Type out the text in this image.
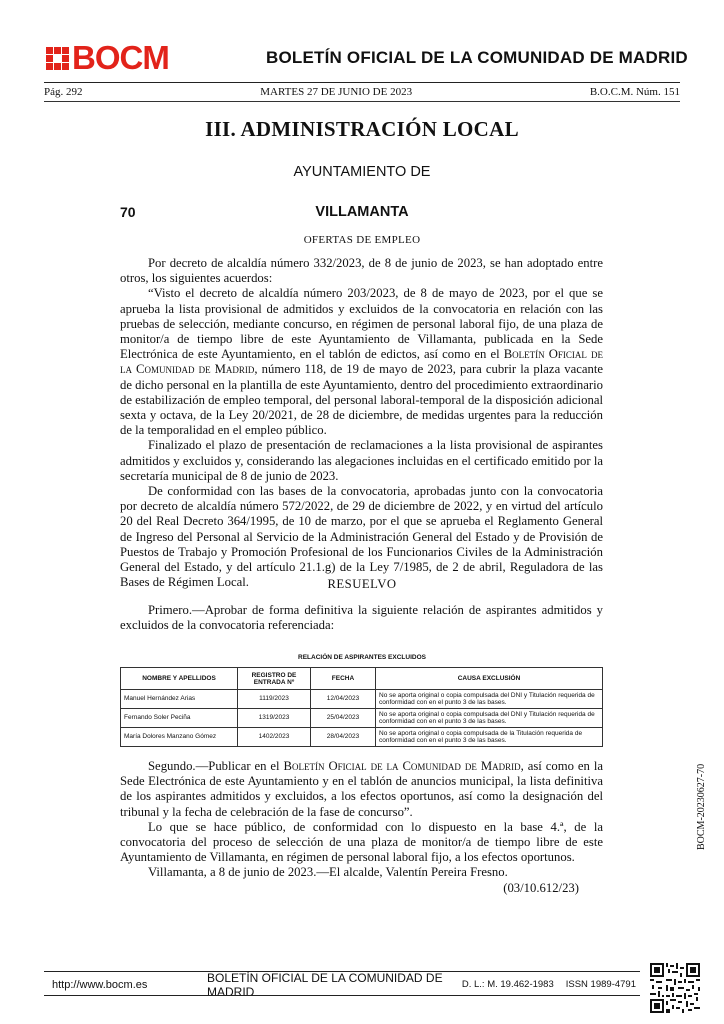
BOCM	BOLETÍN OFICIAL DE LA COMUNIDAD DE MADRID
Pág. 292	MARTES 27 DE JUNIO DE 2023	B.O.C.M. Núm. 151
III. ADMINISTRACIÓN LOCAL
AYUNTAMIENTO DE
70	VILLAMANTA
OFERTAS DE EMPLEO

Por decreto de alcaldía número 332/2023, de 8 de junio de 2023, se han adoptado entre otros, los siguientes acuerdos:

“Visto el decreto de alcaldía número 203/2023, de 8 de mayo de 2023, por el que se aprueba la lista provisional de admitidos y excluidos de la convocatoria en relación con las pruebas de selección, mediante concurso, en régimen de personal laboral fijo, de una plaza de monitor/a de tiempo libre de este Ayuntamiento de Villamanta, publicada en la Sede Electrónica de este Ayuntamiento, en el tablón de edictos, así como en el Boletín Oficial de la Comunidad de Madrid, número 118, de 19 de mayo de 2023, para cubrir la plaza vacante de dicho personal en la plantilla de este Ayuntamiento, dentro del procedimiento extraordinario de estabilización de empleo temporal, del personal laboral-temporal de la disposición adicional sexta y octava, de la Ley 20/2021, de 28 de diciembre, de medidas urgentes para la reducción de la temporalidad en el empleo público.

Finalizado el plazo de presentación de reclamaciones a la lista provisional de aspirantes admitidos y excluidos y, considerando las alegaciones incluidas en el certificado emitido por la secretaría municipal de 8 de junio de 2023.

De conformidad con las bases de la convocatoria, aprobadas junto con la convocatoria por decreto de alcaldía número 572/2022, de 29 de diciembre de 2022, y en virtud del artículo 20 del Real Decreto 364/1995, de 10 de marzo, por el que se aprueba el Reglamento General de Ingreso del Personal al Servicio de la Administración General del Estado y de Provisión de Puestos de Trabajo y Promoción Profesional de los Funcionarios Civiles de la Administración General del Estado, y del artículo 21.1.g) de la Ley 7/1985, de 2 de abril, Reguladora de las Bases de Régimen Local.	RESUELVO

Primero.—Aprobar de forma definitiva la siguiente relación de aspirantes admitidos y excluidos de la convocatoria referenciada:

RELACIÓN DE ASPIRANTES EXCLUIDOS
NOMBRE Y APELLIDOS	REGISTRO DE ENTRADA Nº	FECHA	CAUSA EXCLUSIÓN
Manuel Hernández Arias	1119/2023	12/04/2023	No se aporta original o copia compulsada del DNI y Titulación requerida de conformidad con en el punto 3 de las bases.
Fernando Soler Peciña	1319/2023	25/04/2023	No se aporta original o copia compulsada del DNI y Titulación requerida de conformidad con en el punto 3 de las bases.
María Dolores Manzano Gómez	1402/2023	28/04/2023	No se aporta original o copia compulsada de la Titulación requerida de conformidad con en el punto 3 de las bases.

Segundo.—Publicar en el Boletín Oficial de la Comunidad de Madrid, así como en la Sede Electrónica de este Ayuntamiento y en el tablón de anuncios municipal, la lista definitiva de los aspirantes admitidos y excluidos, a los efectos oportunos, así como la designación del tribunal y la fecha de celebración de la fase de concurso”.

Lo que se hace público, de conformidad con lo dispuesto en la base 4.ª, de la convocatoria del proceso de selección de una plaza de monitor/a de tiempo libre de este Ayuntamiento de Villamanta, en régimen de personal laboral fijo, a los efectos oportunos.

Villamanta, a 8 de junio de 2023.—El alcalde, Valentín Pereira Fresno.

(03/10.612/23)

BOCM-20230627-70
http://www.bocm.es	BOLETÍN OFICIAL DE LA COMUNIDAD DE MADRID	D. L.: M. 19.462-1983 ISSN 1989-4791
